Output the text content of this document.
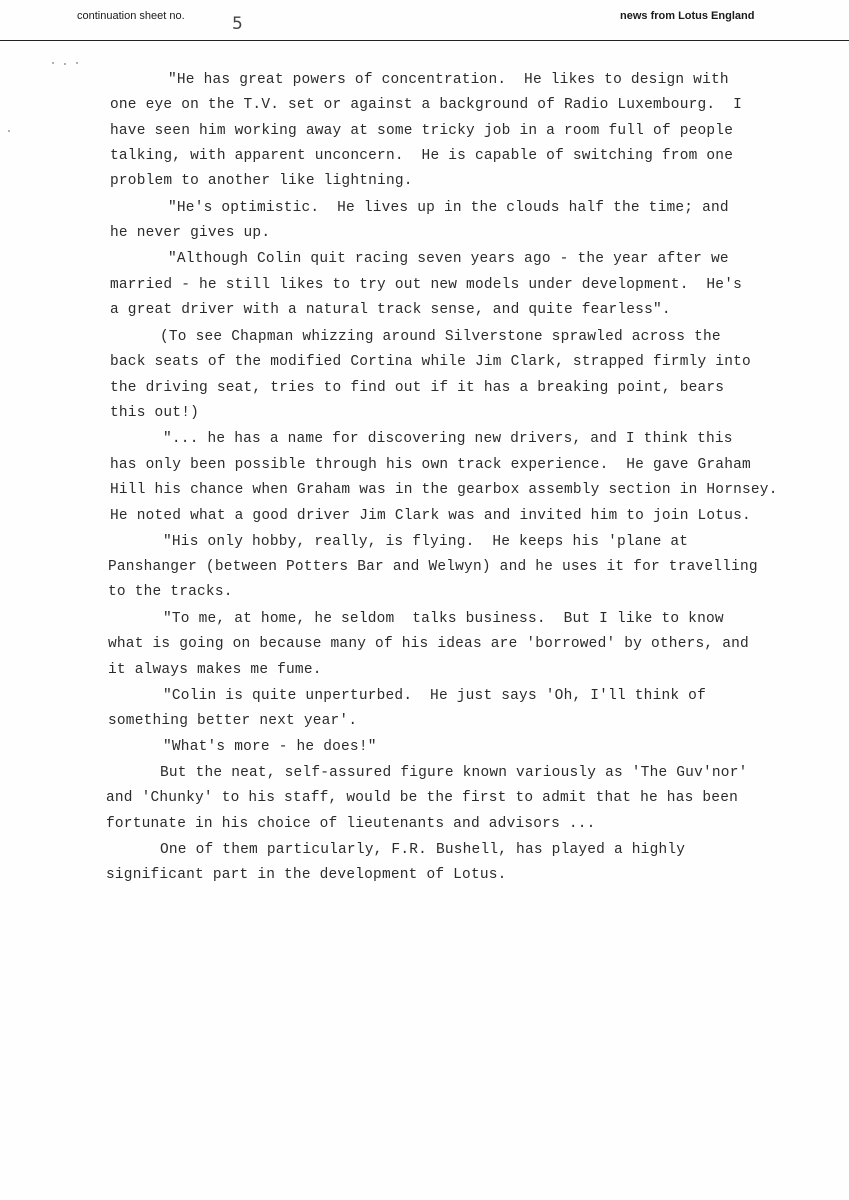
continuation sheet no.	5	news from Lotus England
"He has great powers of concentration.  He likes to design with
one eye on the T.V. set or against a background of Radio Luxembourg.  I
have seen him working away at some tricky job in a room full of people
talking, with apparent unconcern.  He is capable of switching from one
problem to another like lightning.
"He's optimistic.  He lives up in the clouds half the time; and
he never gives up.
"Although Colin quit racing seven years ago - the year after we
married - he still likes to try out new models under development.  He's
a great driver with a natural track sense, and quite fearless".
(To see Chapman whizzing around Silverstone sprawled across the
back seats of the modified Cortina while Jim Clark, strapped firmly into
the driving seat, tries to find out if it has a breaking point, bears
this out!)
"... he has a name for discovering new drivers, and I think this
has only been possible through his own track experience.  He gave Graham
Hill his chance when Graham was in the gearbox assembly section in Hornsey.
He noted what a good driver Jim Clark was and invited him to join Lotus.
"His only hobby, really, is flying.  He keeps his 'plane at
Panshanger (between Potters Bar and Welwyn) and he uses it for travelling
to the tracks.
"To me, at home, he seldom  talks business.  But I like to know
what is going on because many of his ideas are 'borrowed' by others, and
it always makes me fume.
"Colin is quite unperturbed.  He just says 'Oh, I'll think of
something better next year'.
"What's more - he does!"
But the neat, self-assured figure known variously as 'The Guv'nor'
and 'Chunky' to his staff, would be the first to admit that he has been
fortunate in his choice of lieutenants and advisors ...
One of them particularly, F.R. Bushell, has played a highly
significant part in the development of Lotus.
